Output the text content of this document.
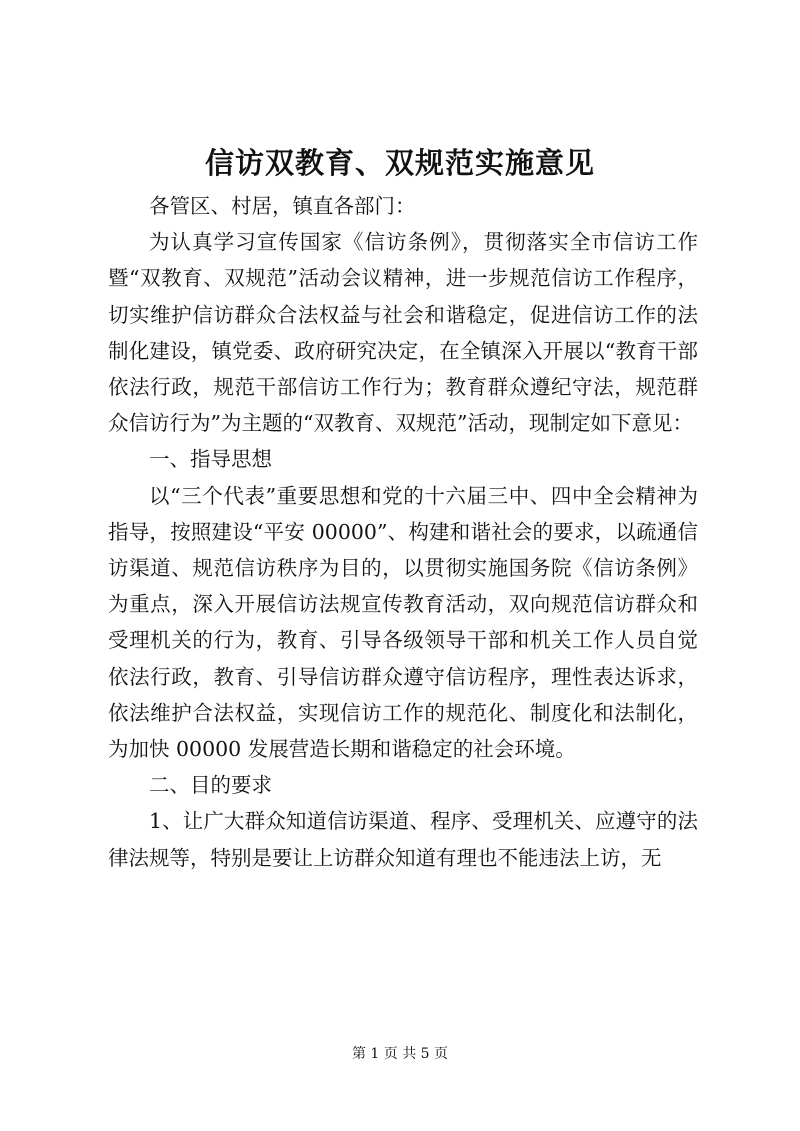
信访双教育、双规范实施意见

各管区、村居，镇直各部门：

为认真学习宣传国家《信访条例》，贯彻落实全市信访工作暨“双教育、双规范”活动会议精神，进一步规范信访工作程序，切实维护信访群众合法权益与社会和谐稳定，促进信访工作的法制化建设，镇党委、政府研究决定，在全镇深入开展以“教育干部依法行政，规范干部信访工作行为；教育群众遵纪守法，规范群众信访行为”为主题的“双教育、双规范”活动，现制定如下意见：

一、指导思想

以“三个代表”重要思想和党的十六届三中、四中全会精神为指导，按照建设“平安 00000”、构建和谐社会的要求，以疏通信访渠道、规范信访秩序为目的，以贯彻实施国务院《信访条例》为重点，深入开展信访法规宣传教育活动，双向规范信访群众和受理机关的行为，教育、引导各级领导干部和机关工作人员自觉依法行政，教育、引导信访群众遵守信访程序，理性表达诉求，依法维护合法权益，实现信访工作的规范化、制度化和法制化，为加快 00000 发展营造长期和谐稳定的社会环境。

二、目的要求

1、让广大群众知道信访渠道、程序、受理机关、应遵守的法律法规等，特别是要让上访群众知道有理也不能违法上访，无

第 1 页 共 5 页
